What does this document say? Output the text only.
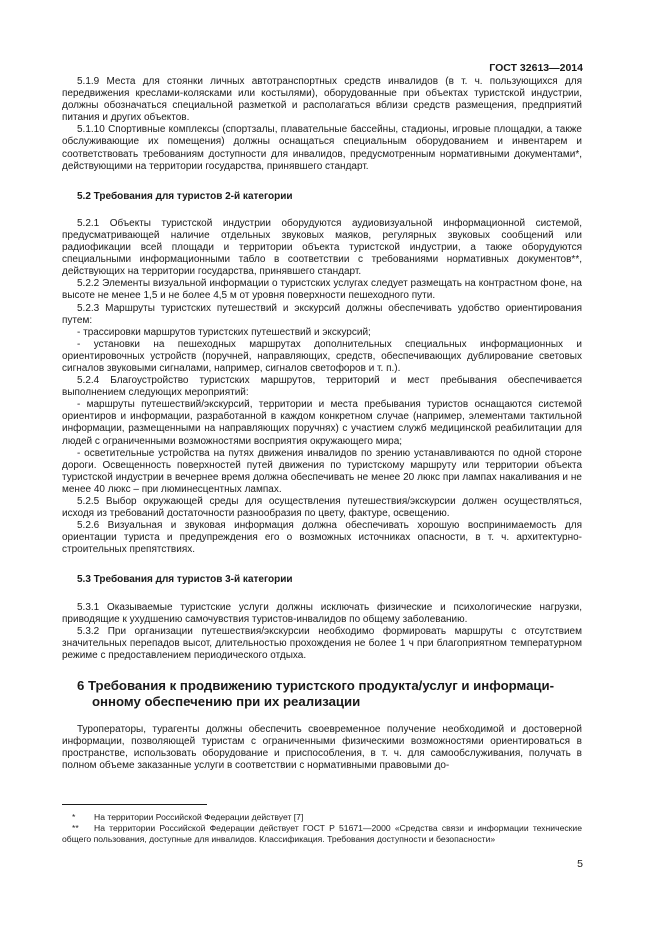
ГОСТ 32613—2014

5.1.9 Места для стоянки личных автотранспортных средств инвалидов (в т. ч. пользующихся для передвижения креслами-колясками или костылями), оборудованные при объектах туристской индустрии, должны обозначаться специальной разметкой и располагаться вблизи средств размещения, предприятий питания и других объектов.

5.1.10 Спортивные комплексы (спортзалы, плавательные бассейны, стадионы, игровые площадки, а также обслуживающие их помещения) должны оснащаться специальным оборудованием и инвентарем и соответствовать требованиям доступности для инвалидов, предусмотренным нормативными документами*, действующими на территории государства, принявшего стандарт.

5.2 Требования для туристов 2-й категории

5.2.1 Объекты туристской индустрии оборудуются аудиовизуальной информационной системой, предусматривающей наличие отдельных звуковых маяков, регулярных звуковых сообщений или радиофикации всей площади и территории объекта туристской индустрии, а также оборудуются специальными информационными табло в соответствии с требованиями нормативных документов**, действующих на территории государства, принявшего стандарт.

5.2.2 Элементы визуальной информации о туристских услугах следует размещать на контрастном фоне, на высоте не менее 1,5 и не более 4,5 м от уровня поверхности пешеходного пути.

5.2.3 Маршруты туристских путешествий и экскурсий должны обеспечивать удобство ориентирования путем:

- трассировки маршрутов туристских путешествий и экскурсий;

- установки на пешеходных маршрутах дополнительных специальных информационных и ориентировочных устройств (поручней, направляющих, средств, обеспечивающих дублирование световых сигналов звуковыми сигналами, например, сигналов светофоров и т. п.).

5.2.4 Благоустройство туристских маршрутов, территорий и мест пребывания обеспечивается выполнением следующих мероприятий:

- маршруты путешествий/экскурсий, территории и места пребывания туристов оснащаются системой ориентиров и информации, разработанной в каждом конкретном случае (например, элементами тактильной информации, размещенными на направляющих поручнях) с участием служб медицинской реабилитации для людей с ограниченными возможностями восприятия окружающего мира;

- осветительные устройства на путях движения инвалидов по зрению устанавливаются по одной стороне дороги. Освещенность поверхностей путей движения по туристскому маршруту или территории объекта туристской индустрии в вечернее время должна обеспечивать не менее 20 люкс при лампах накаливания и не менее 40 люкс – при люминесцентных лампах.

5.2.5 Выбор окружающей среды для осуществления путешествия/экскурсии должен осуществляться, исходя из требований достаточности разнообразия по цвету, фактуре, освещению.

5.2.6 Визуальная и звуковая информация должна обеспечивать хорошую воспринимаемость для ориентации туриста и предупреждения его о возможных источниках опасности, в т. ч. архитектурно-строительных препятствиях.

5.3 Требования для туристов 3-й категории

5.3.1 Оказываемые туристские услуги должны исключать физические и психологические нагрузки, приводящие к ухудшению самочувствия туристов-инвалидов по общему заболеванию.

5.3.2 При организации путешествия/экскурсии необходимо формировать маршруты с отсутствием значительных перепадов высот, длительностью прохождения не более 1 ч при благоприятном температурном режиме с предоставлением периодического отдыха.

6 Требования к продвижению туристского продукта/услуг и информаци-
онному обеспечению при их реализации

Туроператоры, турагенты должны обеспечить своевременное получение необходимой и достоверной информации, позволяющей туристам с ограниченными физическими возможностями ориентироваться в пространстве, использовать оборудование и приспособления, в т. ч. для самообслуживания, получать в полном объеме заказанные услуги в соответствии с нормативными правовыми до-

* На территории Российской Федерации действует [7]

** На территории Российской Федерации действует ГОСТ Р 51671—2000 «Средства связи и информации технические общего пользования, доступные для инвалидов. Классификация. Требования доступности и безопасности»

5
